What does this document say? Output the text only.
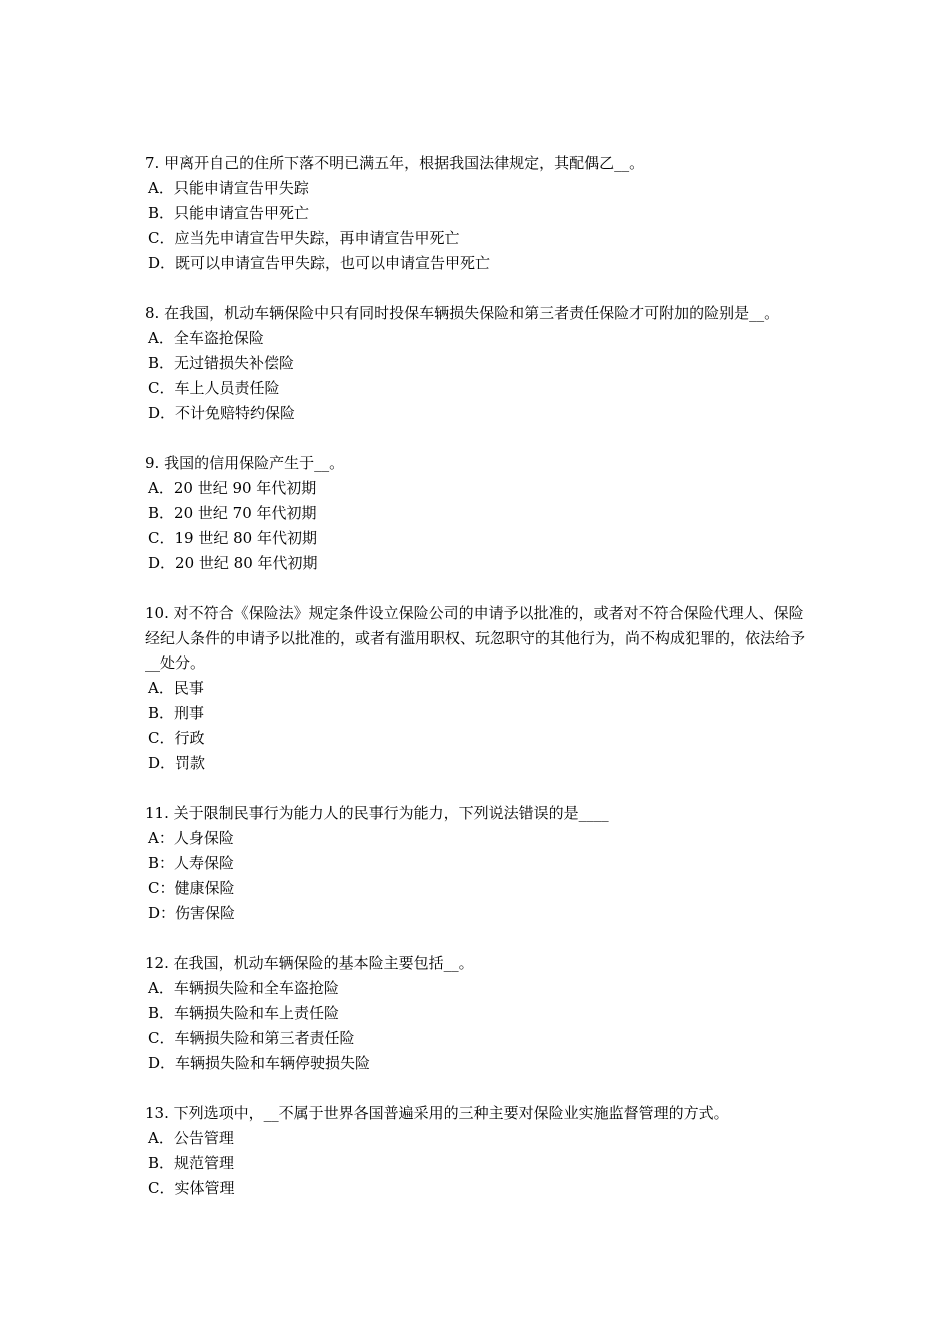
7. 甲离开自己的住所下落不明已满五年，根据我国法律规定，其配偶乙__。

A．只能申请宣告甲失踪

B．只能申请宣告甲死亡

C．应当先申请宣告甲失踪，再申请宣告甲死亡

D．既可以申请宣告甲失踪，也可以申请宣告甲死亡

8. 在我国，机动车辆保险中只有同时投保车辆损失保险和第三者责任保险才可附加的险别是__。

A．全车盗抢保险

B．无过错损失补偿险

C．车上人员责任险

D．不计免赔特约保险

9. 我国的信用保险产生于__。

A．20 世纪 90 年代初期

B．20 世纪 70 年代初期

C．19 世纪 80 年代初期

D．20 世纪 80 年代初期

10. 对不符合《保险法》规定条件设立保险公司的申请予以批准的，或者对不符合保险代理人、保险经纪人条件的申请予以批准的，或者有滥用职权、玩忽职守的其他行为，尚不构成犯罪的，依法给予__处分。

A．民事

B．刑事

C．行政

D．罚款

11. 关于限制民事行为能力人的民事行为能力，下列说法错误的是____

A：人身保险

B：人寿保险

C：健康保险

D：伤害保险

12. 在我国，机动车辆保险的基本险主要包括__。

A．车辆损失险和全车盗抢险

B．车辆损失险和车上责任险

C．车辆损失险和第三者责任险

D．车辆损失险和车辆停驶损失险

13. 下列选项中，__不属于世界各国普遍采用的三种主要对保险业实施监督管理的方式。

A．公告管理

B．规范管理

C．实体管理
